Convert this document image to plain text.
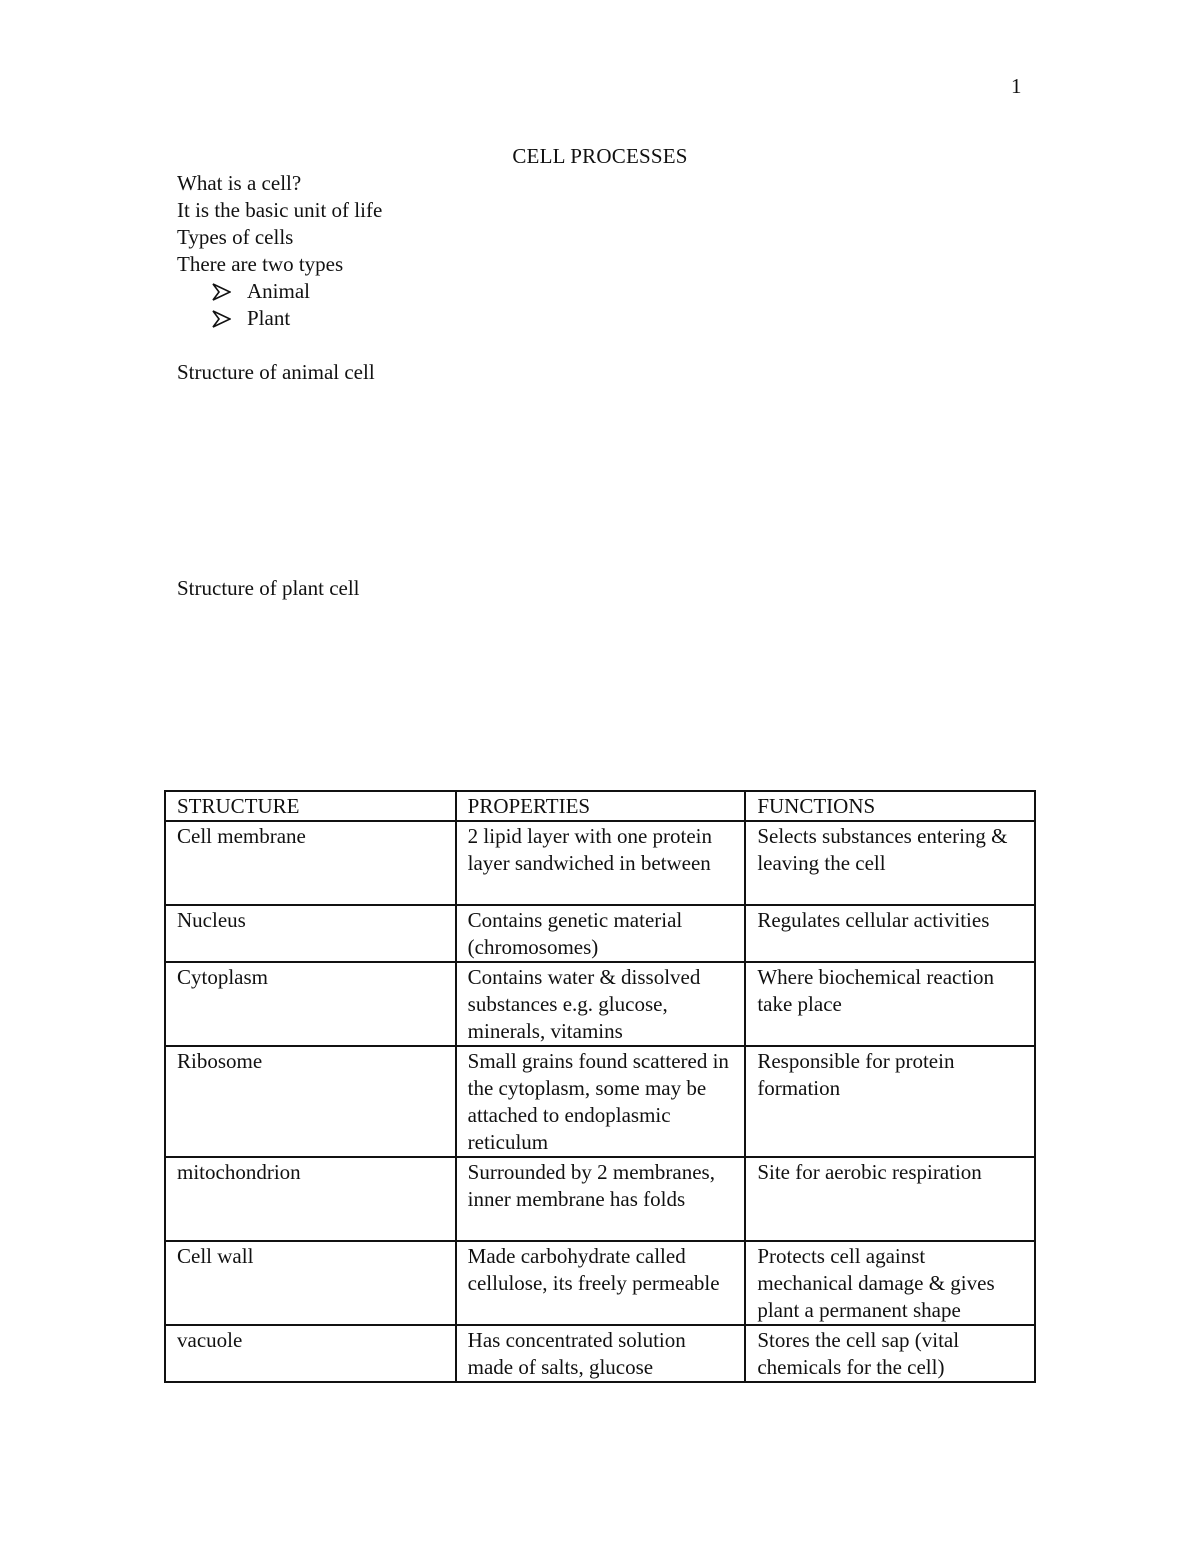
1
CELL PROCESSES

What is a cell?

It is the basic unit of life

Types of cells

There are two types

Animal
Plant
Structure of animal cell
Structure of plant cell
STRUCTURE	PROPERTIES	FUNCTIONS
Cell membrane	2 lipid layer with one protein layer sandwiched in between	Selects substances entering & leaving the cell
Nucleus	Contains genetic material (chromosomes)	Regulates cellular activities
Cytoplasm	Contains water & dissolved substances e.g. glucose, minerals, vitamins	Where biochemical reaction take place
Ribosome	Small grains found scattered in the cytoplasm, some may be attached to endoplasmic reticulum	Responsible for protein formation
mitochondrion	Surrounded by 2 membranes, inner membrane has folds	Site for aerobic respiration
Cell wall	Made carbohydrate called cellulose, its freely permeable	Protects cell against mechanical damage & gives plant a permanent shape
vacuole	Has concentrated solution made of salts, glucose	Stores the cell sap (vital chemicals for the cell)
